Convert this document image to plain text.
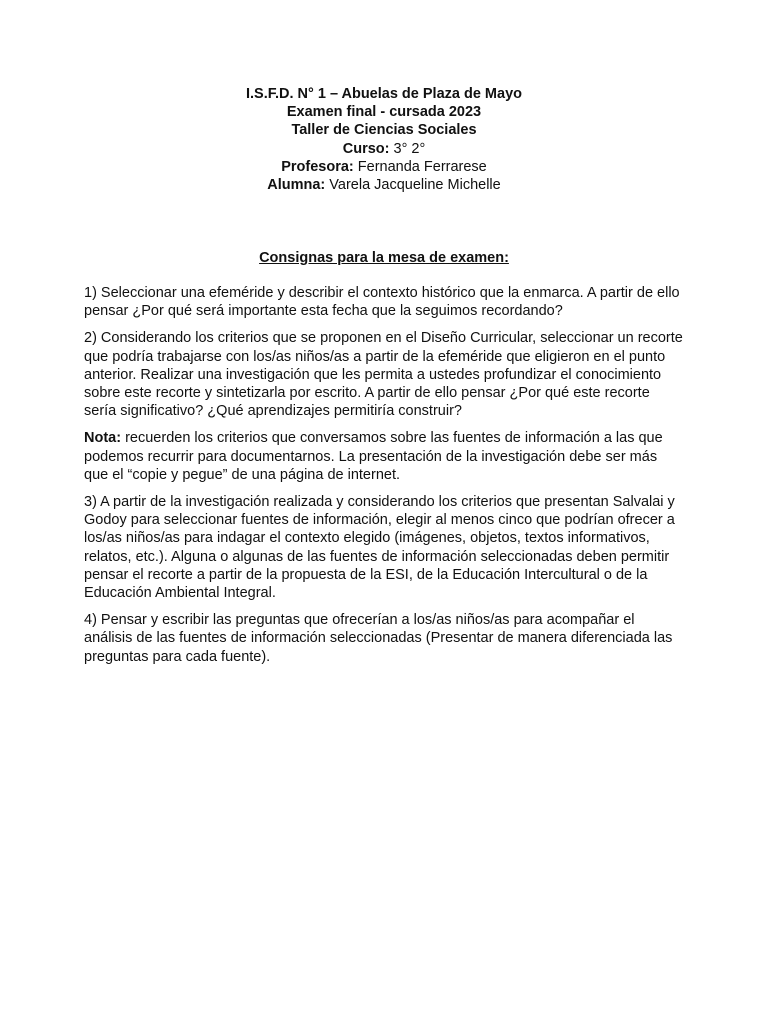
I.S.F.D. N° 1 – Abuelas de Plaza de Mayo
Examen final - cursada 2023
Taller de Ciencias Sociales
Curso: 3° 2°
Profesora: Fernanda Ferrarese
Alumna: Varela Jacqueline Michelle
Consignas para la mesa de examen:

1) Seleccionar una efeméride y describir el contexto histórico que la enmarca. A partir de ello pensar ¿Por qué será importante esta fecha que la seguimos recordando?

2) Considerando los criterios que se proponen en el Diseño Curricular, seleccionar un recorte que podría trabajarse con los/as niños/as a partir de la efeméride que eligieron en el punto anterior. Realizar una investigación que les permita a ustedes profundizar el conocimiento sobre este recorte y sintetizarla por escrito. A partir de ello pensar ¿Por qué este recorte sería significativo? ¿Qué aprendizajes permitiría construir?

Nota: recuerden los criterios que conversamos sobre las fuentes de información a las que podemos recurrir para documentarnos. La presentación de la investigación debe ser más que el “copie y pegue” de una página de internet.

3) A partir de la investigación realizada y considerando los criterios que presentan Salvalai y Godoy para seleccionar fuentes de información, elegir al menos cinco que podrían ofrecer a los/as niños/as para indagar el contexto elegido (imágenes, objetos, textos informativos, relatos, etc.). Alguna o algunas de las fuentes de información seleccionadas deben permitir pensar el recorte a partir de la propuesta de la ESI, de la Educación Intercultural o de la Educación Ambiental Integral.

4) Pensar y escribir las preguntas que ofrecerían a los/as niños/as para acompañar el análisis de las fuentes de información seleccionadas (Presentar de manera diferenciada las preguntas para cada fuente).
